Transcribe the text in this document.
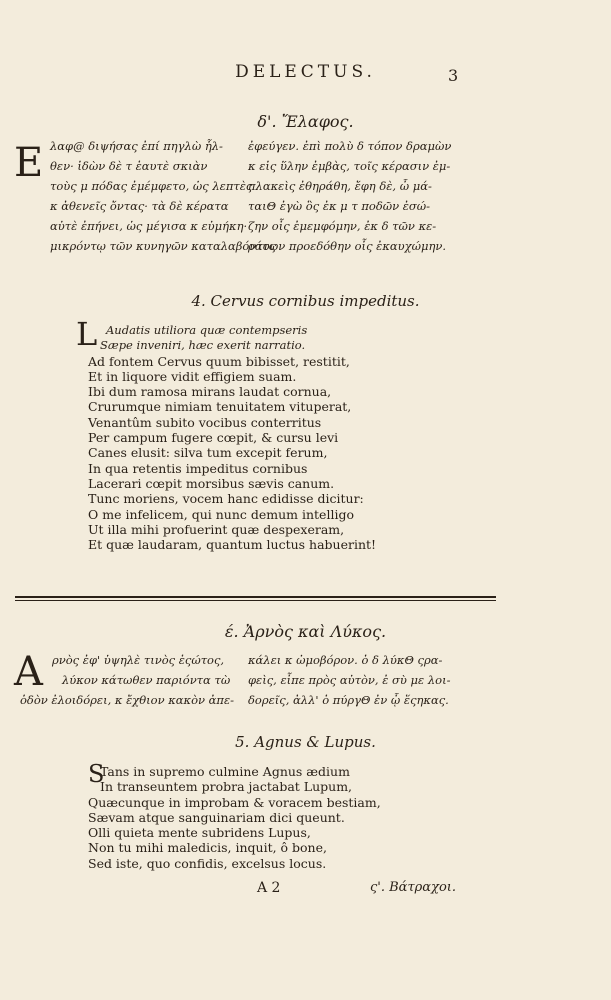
DELECTUS.	3
δ'. Ἔλαφος.
Ε λαφ@ διψήσας ἐπί πηγλὼ ἧλ-
θεν· ἰδὼν δὲ τ ἑαυτὲ σκιὰν
τοὺς μ πόδας ἐμέμφετο, ὡς λεπτὲς
κ ἀθενεῖς ὄντας· τὰ δὲ κέρατα
αὐτὲ ἐπήνει, ὡς μέγισα κ εὐμήκη·
μικρόντῳ τῶν κυνηγῶν καταλαβόντος
ἐφεύγεν. ἐπὶ πολὺ δ τόπον δραμὼν
κ εἰς ὕλην ἐμβὰς, τοῖς κέρασιν ἐμ-
πλακεὶς ἐθηράθη, ἔφη δὲ, ὦ μά-
ταιΘ ἐγὼ ὃς ἐκ μ τ ποδῶν ἐσώ-
ζην οἷς ἐμεμφόμην, ἐκ δ τῶν κε-
ράτων προεδόθην οἷς ἐκαυχώμην.
4. Cervus cornibus impeditus.
L Audatis utiliora quæ contempseris
Sæpe inveniri, hæc exerit narratio.
Ad fontem Cervus quum bibisset, restitit,
Et in liquore vidit effigiem suam.
Ibi dum ramosa mirans laudat cornua,
Crurumque nimiam tenuitatem vituperat,
Venantûm subito vocibus conterritus
Per campum fugere cœpit, & cursu levi
Canes elusit: silva tum excepit ferum,
In qua retentis impeditus cornibus
Lacerari cœpit morsibus sævis canum.
Tunc moriens, vocem hanc edidisse dicitur:
O me infelicem, qui nunc demum intelligo
Ut illa mihi profuerint quæ despexeram,
Et quæ laudaram, quantum luctus habuerint!
έ. Ἀρνὸς καὶ Λύκος.
Α ρνὸς ἐφ' ὑψηλὲ τινὸς ἑςώτος,
λύκον κάτωθεν παριόντα τὼ
ὁδὸν ἐλοιδόρει, κ ἔχθιον κακὸν ἀπε-
κάλει κ ὠμοβόρον. ὁ δ λύκΘ ςρα-
φεὶς, εἶπε πρὸς αὐτὸν, ἐ σὺ με λοι-
δορεῖς, ἀλλ' ὁ πύργΘ ἐν ᾧ ἕςηκας.
5. Agnus & Lupus.
S
Tans in supremo culmine Agnus ædium
In transeuntem probra jactabat Lupum,
Quæcunque in improbam & voracem bestiam,
Sævam atque sanguinariam dici queunt.
Olli quieta mente subridens Lupus,
Non tu mihi maledicis, inquit, ô bone,
Sed iste, quo confidis, excelsus locus.
A 2	ς'. Βάτραχοι.
